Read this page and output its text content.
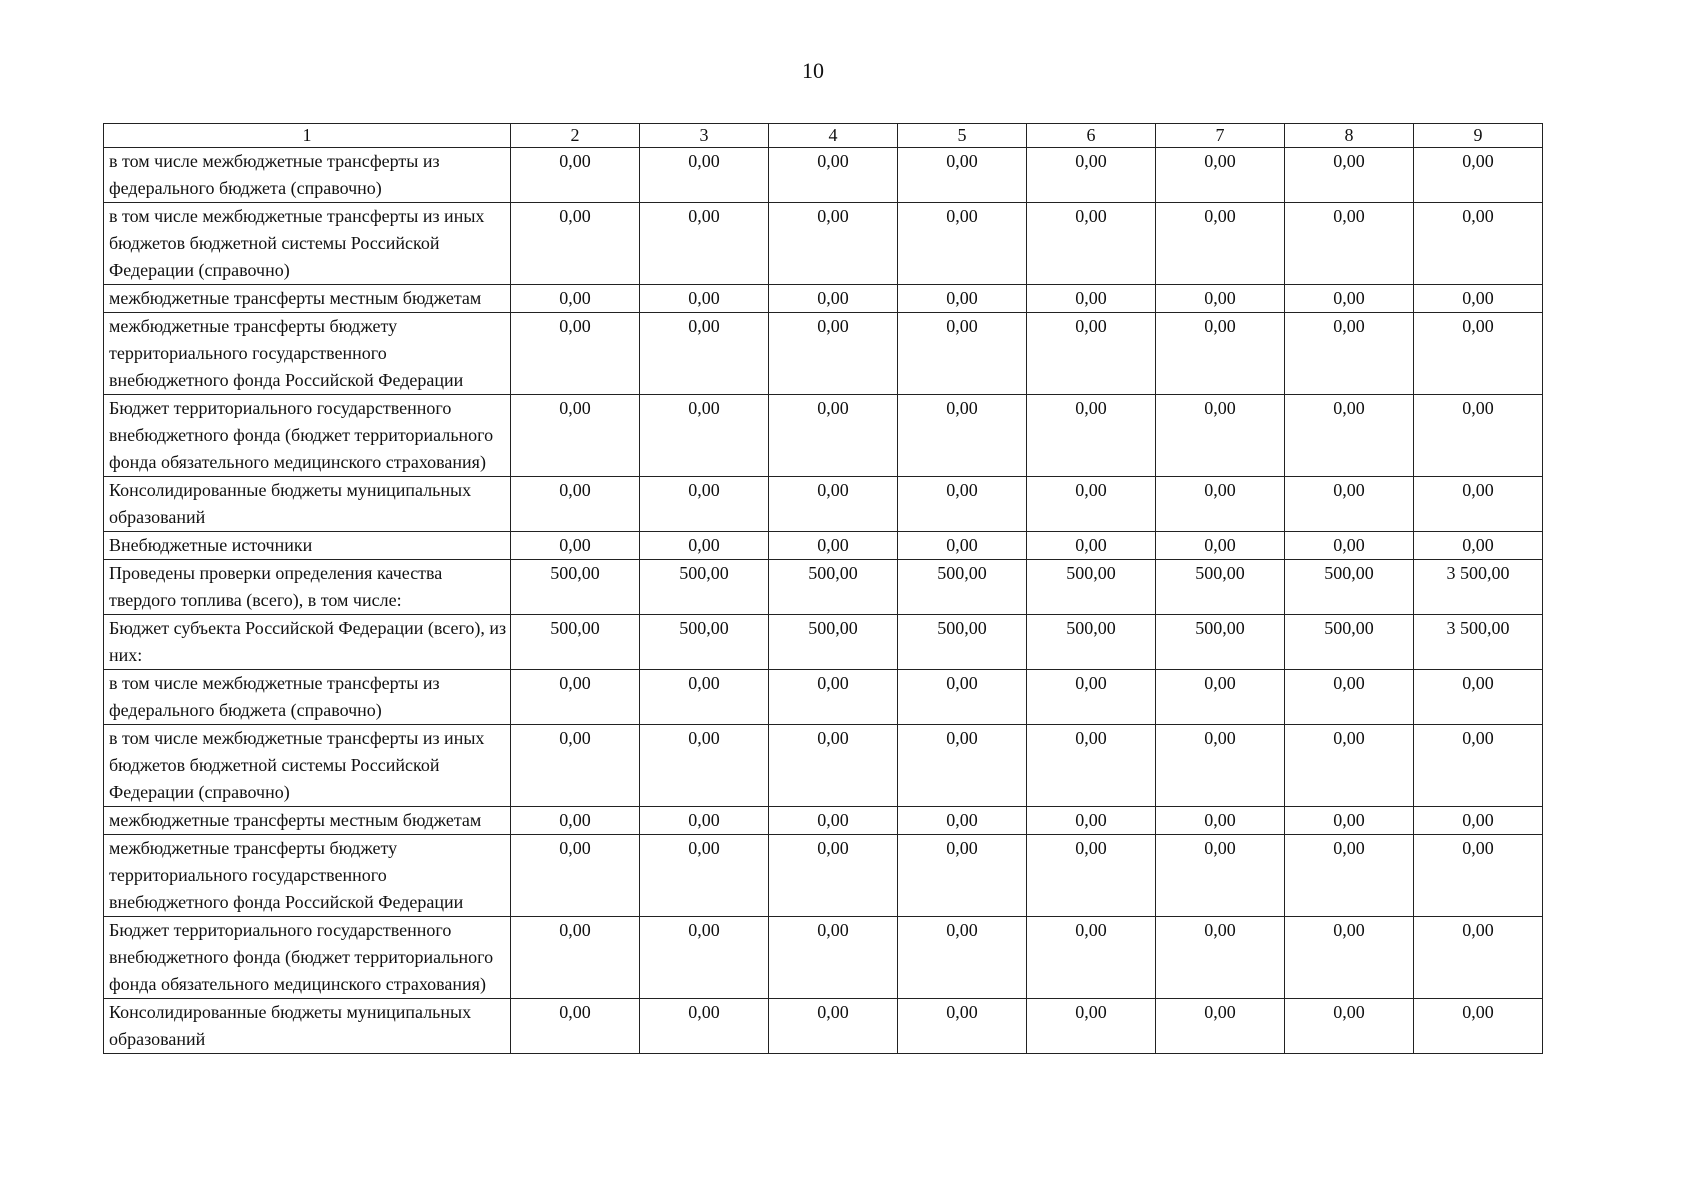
10
1	2	3	4	5	6	7	8	9
в том числе межбюджетные трансферты из федерального бюджета (справочно)	0,00	0,00	0,00	0,00	0,00	0,00	0,00	0,00
в том числе межбюджетные трансферты из иных бюджетов бюджетной системы Российской Федерации (справочно)	0,00	0,00	0,00	0,00	0,00	0,00	0,00	0,00
межбюджетные трансферты местным бюджетам	0,00	0,00	0,00	0,00	0,00	0,00	0,00	0,00
межбюджетные трансферты бюджету территориального государственного внебюджетного фонда Российской Федерации	0,00	0,00	0,00	0,00	0,00	0,00	0,00	0,00
Бюджет территориального государственного внебюджетного фонда (бюджет территориального фонда обязательного медицинского страхования)	0,00	0,00	0,00	0,00	0,00	0,00	0,00	0,00
Консолидированные бюджеты муниципальных образований	0,00	0,00	0,00	0,00	0,00	0,00	0,00	0,00
Внебюджетные источники	0,00	0,00	0,00	0,00	0,00	0,00	0,00	0,00
Проведены проверки определения качества твердого топлива (всего), в том числе:	500,00	500,00	500,00	500,00	500,00	500,00	500,00	3 500,00
Бюджет субъекта Российской Федерации (всего), из них:	500,00	500,00	500,00	500,00	500,00	500,00	500,00	3 500,00
в том числе межбюджетные трансферты из федерального бюджета (справочно)	0,00	0,00	0,00	0,00	0,00	0,00	0,00	0,00
в том числе межбюджетные трансферты из иных бюджетов бюджетной системы Российской Федерации (справочно)	0,00	0,00	0,00	0,00	0,00	0,00	0,00	0,00
межбюджетные трансферты местным бюджетам	0,00	0,00	0,00	0,00	0,00	0,00	0,00	0,00
межбюджетные трансферты бюджету территориального государственного внебюджетного фонда Российской Федерации	0,00	0,00	0,00	0,00	0,00	0,00	0,00	0,00
Бюджет территориального государственного внебюджетного фонда (бюджет территориального фонда обязательного медицинского страхования)	0,00	0,00	0,00	0,00	0,00	0,00	0,00	0,00
Консолидированные бюджеты муниципальных образований	0,00	0,00	0,00	0,00	0,00	0,00	0,00	0,00
